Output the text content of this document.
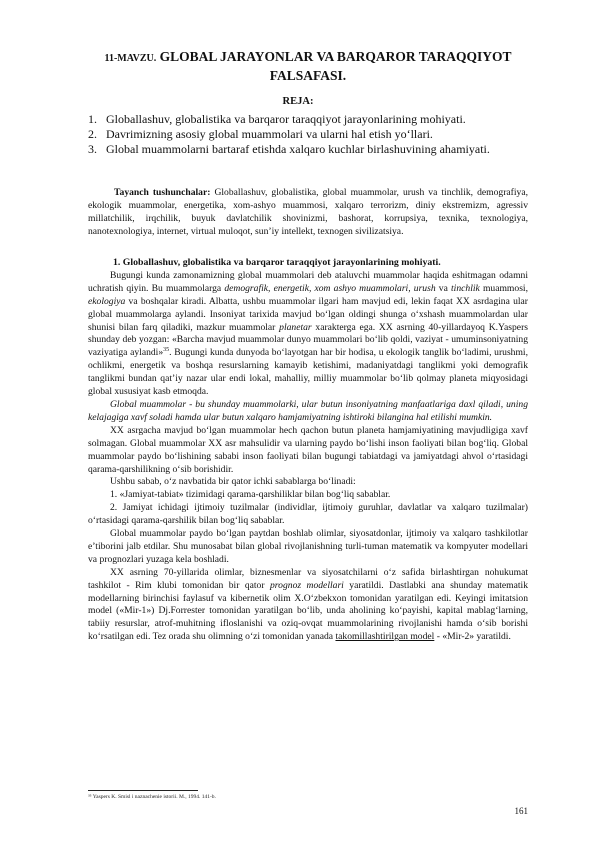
11-MAVZU. GLOBAL JARAYONLAR VA BARQAROR TARAQQIYOT FALSAFASI.
REJA:
1. Globallashuv, globalistika va barqaror taraqqiyot jarayonlarining mohiyati.
2. Davrimizning asosiy global muammolari va ularni hal etish yo‘llari.
3. Global muammolarni bartaraf etishda xalqaro kuchlar birlashuvining ahamiyati.

Tayanch tushunchalar: Globallashuv, globalistika, global muammolar, urush va tinchlik, demografiya, ekologik muammolar, energetika, xom-ashyo muammosi, xalqaro terrorizm, diniy ekstremizm, agressiv millatchilik, irqchilik, buyuk davlatchilik shovinizmi, bashorat, korrupsiya, texnika, texnologiya, nanotexnologiya, internet, virtual muloqot, sun’iy intellekt, texnogen sivilizatsiya.

1. Globallashuv, globalistika va barqaror taraqqiyot jarayonlarining mohiyati.

Bugungi kunda zamonamizning global muammolari deb ataluvchi muammolar haqida eshitmagan odamni uchratish qiyin. Bu muammolarga demografik, energetik, xom ashyo muammolari, urush va tinchlik muammosi, ekologiya va boshqalar kiradi. Albatta, ushbu muammolar ilgari ham mavjud edi, lekin faqat XX asrdagina ular global muammolarga aylandi. Insoniyat tarixida mavjud bo‘lgan oldingi shunga o‘xshash muammolardan ular shunisi bilan farq qiladiki, mazkur muammolar planetar xarakterga ega. XX asrning 40-yillardayoq K.Yaspers shunday deb yozgan: «Barcha mavjud muammolar dunyo muammolari bo‘lib qoldi, vaziyat - umuminsoniyatning vaziyatiga aylandi»$^{35}$. Bugungi kunda dunyoda bo‘layotgan har bir hodisa, u ekologik tanglik bo‘ladimi, urushmi, ochlikmi, energetik va boshqa resurslarning kamayib ketishimi, madaniyatdagi tanglikmi yoki demografik tanglikmi bundan qat’iy nazar ular endi lokal, mahalliy, milliy muammolar bo‘lib qolmay planeta miqyosidagi global xususiyat kasb etmoqda.

Global muammolar - bu shunday muammolarki, ular butun insoniyatning manfaatlariga daxl qiladi, uning kelajagiga xavf soladi hamda ular butun xalqaro hamjamiyatning ishtiroki bilangina hal etilishi mumkin.

XX asrgacha mavjud bo‘lgan muammolar hech qachon butun planeta hamjamiyatining mavjudligiga xavf solmagan. Global muammolar XX asr mahsulidir va ularning paydo bo‘lishi inson faoliyati bilan bog‘liq. Global muammolar paydo bo‘lishining sababi inson faoliyati bilan bugungi tabiatdagi va jamiyatdagi ahvol o‘rtasidagi qarama-qarshilikning o‘sib borishidir.

Ushbu sabab, o‘z navbatida bir qator ichki sabablarga bo‘linadi:

1. «Jamiyat-tabiat» tizimidagi qarama-qarshiliklar bilan bog‘liq sabablar.

2. Jamiyat ichidagi ijtimoiy tuzilmalar (individlar, ijtimoiy guruhlar, davlatlar va xalqaro tuzilmalar) o‘rtasidagi qarama-qarshilik bilan bog‘liq sabablar.

Global muammolar paydo bo‘lgan paytdan boshlab olimlar, siyosatdonlar, ijtimoiy va xalqaro tashkilotlar e’tiborini jalb etdilar. Shu munosabat bilan global rivojlanishning turli-tuman matematik va kompyuter modellari va prognozlari yuzaga kela boshladi.

XX asrning 70-yillarida olimlar, biznesmenlar va siyosatchilarni o‘z safida birlashtirgan nohukumat tashkilot - Rim klubi tomonidan bir qator prognoz modellari yaratildi. Dastlabki ana shunday matematik modellarning birinchisi faylasuf va kibernetik olim X.O‘zbekxon tomonidan yaratilgan edi. Keyingi imitatsion model («Mir-1») Dj.Forrester tomonidan yaratilgan bo‘lib, unda aholining ko‘payishi, kapital mablag‘larning, tabiiy resurslar, atrof-muhitning ifloslanishi va oziq-ovqat muammolarining rivojlanishi hamda o‘sib borishi ko‘rsatilgan edi. Tez orada shu olimning o‘zi tomonidan yanada takomillashtirilgan model - «Mir-2» yaratildi.

³⁵ Yaspers K. Smisl i naznachenie istorii. M., 1994. 141-b.
161
